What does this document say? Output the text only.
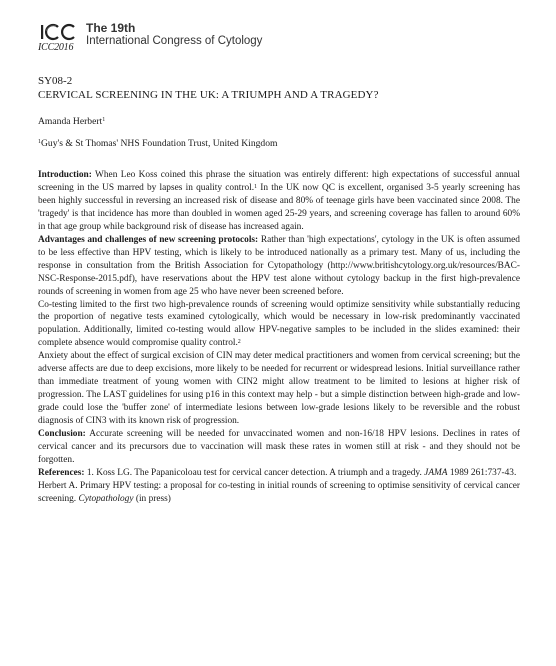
ICC2016
The 19th
International Congress of Cytology

SY08-2

CERVICAL SCREENING IN THE UK: A TRIUMPH AND A TRAGEDY?

Amanda Herbert$^1$

$^1$Guy's & St Thomas' NHS Foundation Trust, United Kingdom

Introduction: When Leo Koss coined this phrase the situation was entirely different: high expectations of successful annual screening in the US marred by lapses in quality control.$^1$ In the UK now QC is excellent, organised 3-5 yearly screening has been highly successful in reversing an increased risk of disease and 80% of teenage girls have been vaccinated since 2008. The 'tragedy' is that incidence has more than doubled in women aged 25-29 years, and screening coverage has fallen to around 60% in that age group while background risk of disease has increased again.

Advantages and challenges of new screening protocols: Rather than 'high expectations', cytology in the UK is often assumed to be less effective than HPV testing, which is likely to be introduced nationally as a primary test. Many of us, including the response in consultation from the British Association for Cytopathology (http://www.britishcytology.org.uk/resources/BAC-NSC-Response-2015.pdf), have reservations about the HPV test alone without cytology backup in the first high-prevalence rounds of screening in women from age 25 who have never been screened before.

Co-testing limited to the first two high-prevalence rounds of screening would optimize sensitivity while substantially reducing the proportion of negative tests examined cytologically, which would be necessary in low-risk predominantly vaccinated population. Additionally, limited co-testing would allow HPV-negative samples to be included in the slides examined: their complete absence would compromise quality control.$^2$

Anxiety about the effect of surgical excision of CIN may deter medical practitioners and women from cervical screening; but the adverse affects are due to deep excisions, more likely to be needed for recurrent or widespread lesions. Initial surveillance rather than immediate treatment of young women with CIN2 might allow treatment to be limited to lesions at higher risk of progression. The LAST guidelines for using p16 in this context may help - but a simple distinction between high-grade and low-grade could lose the 'buffer zone' of intermediate lesions between low-grade lesions likely to be reversible and the robust diagnosis of CIN3 with its known risk of progression.

Conclusion: Accurate screening will be needed for unvaccinated women and non-16/18 HPV lesions. Declines in rates of cervical cancer and its precursors due to vaccination will mask these rates in women still at risk - and they should not be forgotten.

References: 1. Koss LG. The Papanicoloau test for cervical cancer detection. A triumph and a tragedy. JAMA 1989 261:737-43.

Herbert A. Primary HPV testing: a proposal for co-testing in initial rounds of screening to optimise sensitivity of cervical cancer screening. Cytopathology (in press)
